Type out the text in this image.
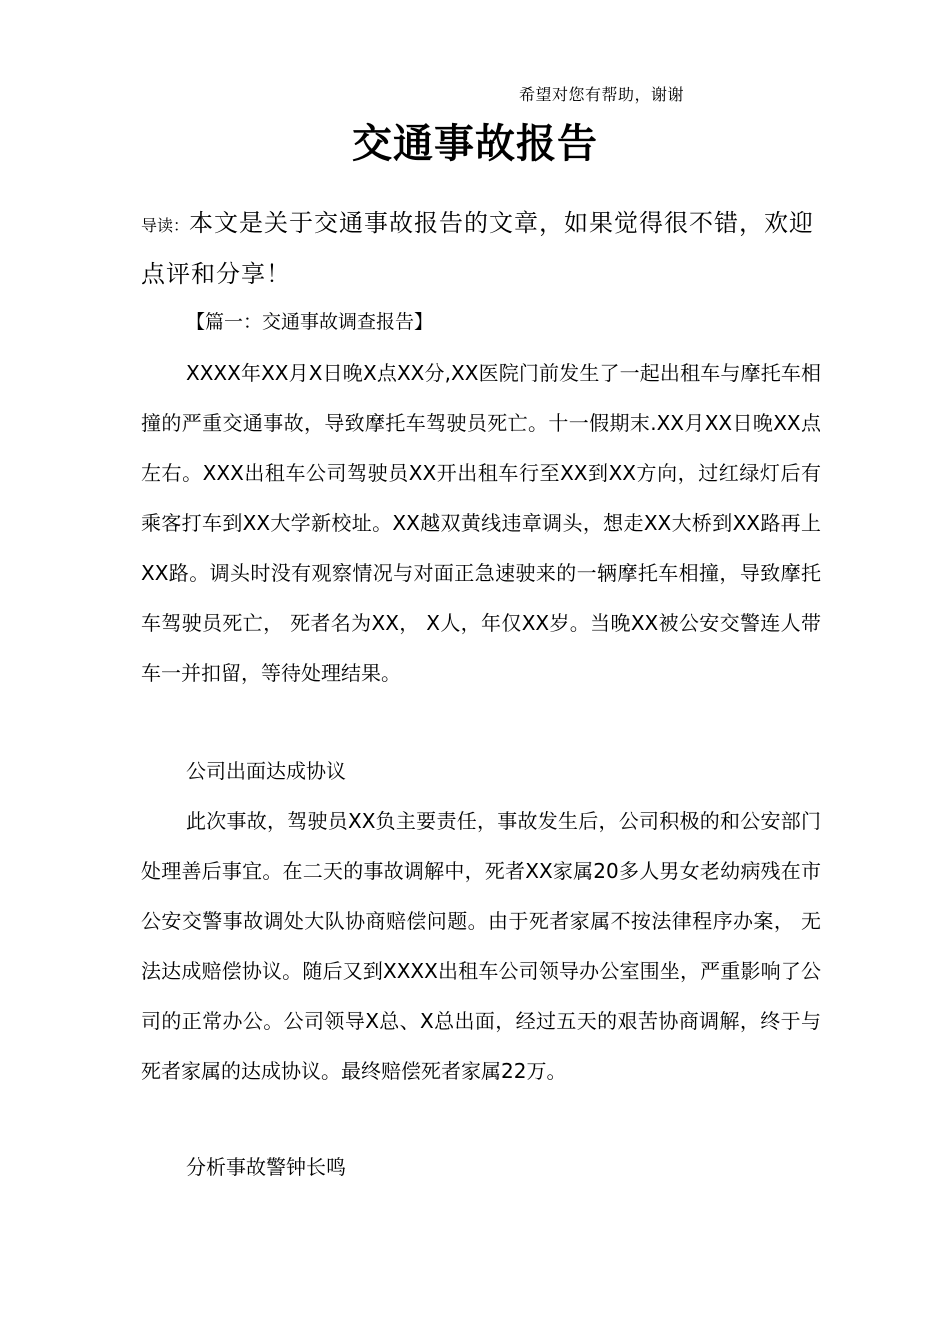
希望对您有帮助，谢谢
交通事故报告
导读：本文是关于交通事故报告的文章，如果觉得很不错，欢迎点评和分享！
【篇一：交通事故调查报告】

XXXX年XX月X日晚X点XX分,XX医院门前发生了一起出租车与摩托车相撞的严重交通事故，导致摩托车驾驶员死亡。十一假期末.XX月XX日晚XX点左右。XXX出租车公司驾驶员XX开出租车行至XX到XX方向，过红绿灯后有乘客打车到XX大学新校址。XX越双黄线违章调头，想走XX大桥到XX路再上XX路。调头时没有观察情况与对面正急速驶来的一辆摩托车相撞，导致摩托车驾驶员死亡， 死者名为XX， X人，年仅XX岁。当晚XX被公安交警连人带车一并扣留，等待处理结果。

公司出面达成协议

此次事故，驾驶员XX负主要责任，事故发生后，公司积极的和公安部门处理善后事宜。在二天的事故调解中，死者XX家属20多人男女老幼病残在市公安交警事故调处大队协商赔偿问题。由于死者家属不按法律程序办案， 无法达成赔偿协议。随后又到XXXX出租车公司领导办公室围坐，严重影响了公司的正常办公。公司领导X总、X总出面，经过五天的艰苦协商调解，终于与死者家属的达成协议。最终赔偿死者家属22万。

分析事故警钟长鸣
